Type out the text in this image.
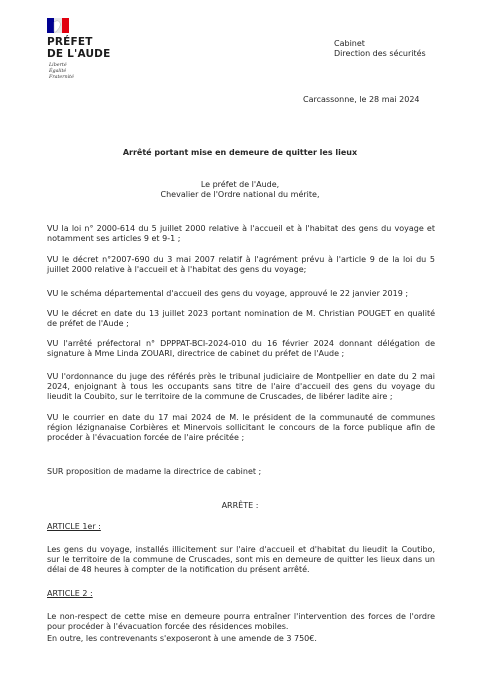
PRÉFET
DE L'AUDE
Liberté
Égalité
Fraternité
Cabinet
Direction des sécurités
Carcassonne, le 28 mai 2024
Arrêté portant mise en demeure de quitter les lieux
Le préfet de l'Aude,
Chevalier de l'Ordre national du mérite,

VU la loi n° 2000-614 du 5 juillet 2000 relative à l'accueil et à l'habitat des gens du voyage et notamment ses articles 9 et 9-1 ;

VU le décret n°2007-690 du 3 mai 2007 relatif à l'agrément prévu à l'article 9 de la loi du 5 juillet 2000 relative à l'accueil et à l'habitat des gens du voyage;

VU le schéma départemental d'accueil des gens du voyage, approuvé le 22 janvier 2019 ;

VU le décret en date du 13 juillet 2023 portant nomination de M. Christian POUGET en qualité de préfet de l'Aude ;

VU l'arrêté préfectoral n° DPPPAT-BCI-2024-010 du 16 février 2024 donnant délégation de signature à Mme Linda ZOUARI, directrice de cabinet du préfet de l'Aude ;

VU l'ordonnance du juge des référés près le tribunal judiciaire de Montpellier en date du 2 mai 2024, enjoignant à tous les occupants sans titre de l'aire d'accueil des gens du voyage du lieudit la Coubito, sur le territoire de la commune de Cruscades, de libérer ladite aire ;

VU le courrier en date du 17 mai 2024 de M. le président de la communauté de communes région lézignanaise Corbières et Minervois sollicitant le concours de la force publique afin de procéder à l'évacuation forcée de l'aire précitée ;

SUR proposition de madame la directrice de cabinet ;

ARRÊTE :
ARTICLE 1er :

Les gens du voyage, installés illicitement sur l'aire d'accueil et d'habitat du lieudit la Coutibo, sur le territoire de la commune de Cruscades, sont mis en demeure de quitter les lieux dans un délai de 48 heures à compter de la notification du présent arrêté.

ARTICLE 2 :

Le non-respect de cette mise en demeure pourra entraîner l'intervention des forces de l'ordre pour procéder à l'évacuation forcée des résidences mobiles.

En outre, les contrevenants s'exposeront à une amende de 3 750€.
